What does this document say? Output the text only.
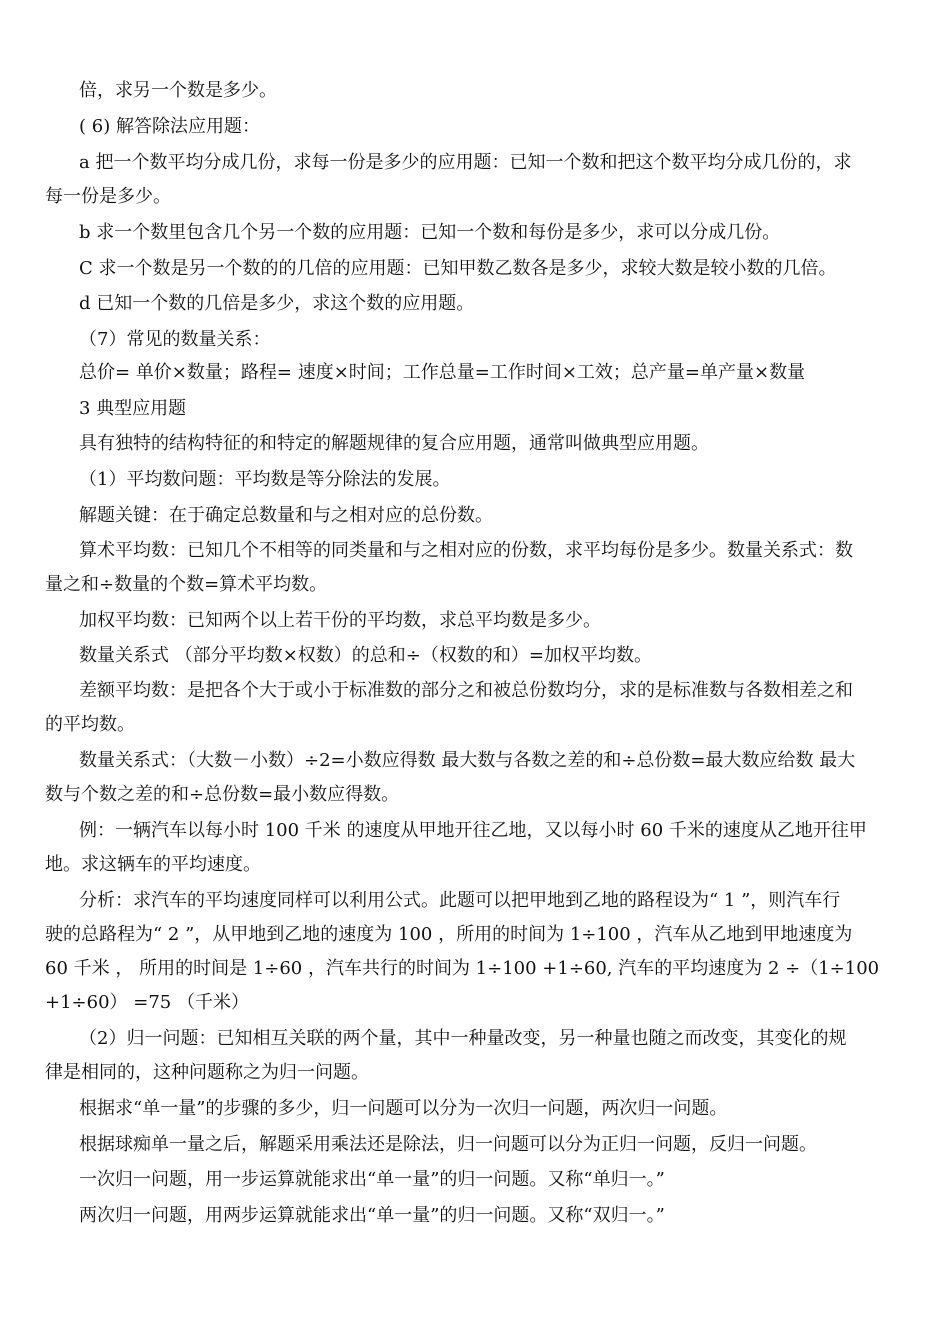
倍，求另一个数是多少。
( 6) 解答除法应用题：
a 把一个数平均分成几份，求每一份是多少的应用题：已知一个数和把这个数平均分成几份的，求
每一份是多少。
b 求一个数里包含几个另一个数的应用题：已知一个数和每份是多少，求可以分成几份。
C 求一个数是另一个数的的几倍的应用题：已知甲数乙数各是多少，求较大数是较小数的几倍。
d 已知一个数的几倍是多少，求这个数的应用题。
（7）常见的数量关系：
总价= 单价×数量；路程= 速度×时间；工作总量=工作时间×工效；总产量=单产量×数量
3 典型应用题
具有独特的结构特征的和特定的解题规律的复合应用题，通常叫做典型应用题。
（1）平均数问题：平均数是等分除法的发展。
解题关键：在于确定总数量和与之相对应的总份数。
算术平均数：已知几个不相等的同类量和与之相对应的份数，求平均每份是多少。数量关系式：数
量之和÷数量的个数=算术平均数。
加权平均数：已知两个以上若干份的平均数，求总平均数是多少。
数量关系式 （部分平均数×权数）的总和÷（权数的和）=加权平均数。
差额平均数：是把各个大于或小于标准数的部分之和被总份数均分，求的是标准数与各数相差之和
的平均数。
数量关系式：（大数－小数）÷2=小数应得数 最大数与各数之差的和÷总份数=最大数应给数 最大
数与个数之差的和÷总份数=最小数应得数。
例：一辆汽车以每小时 100 千米 的速度从甲地开往乙地，又以每小时 60 千米的速度从乙地开往甲
地。求这辆车的平均速度。
分析：求汽车的平均速度同样可以利用公式。此题可以把甲地到乙地的路程设为“ 1 ”，则汽车行
驶的总路程为“ 2 ”，从甲地到乙地的速度为 100 ，所用的时间为 1÷100 ，汽车从乙地到甲地速度为
60 千米 ， 所用的时间是 1÷60 ，汽车共行的时间为 1÷100 +1÷60, 汽车的平均速度为 2 ÷（1÷100
+1÷60） =75 （千米）
（2）归一问题：已知相互关联的两个量，其中一种量改变，另一种量也随之而改变，其变化的规
律是相同的，这种问题称之为归一问题。
根据求“单一量”的步骤的多少，归一问题可以分为一次归一问题，两次归一问题。
根据球痴单一量之后，解题采用乘法还是除法，归一问题可以分为正归一问题，反归一问题。
一次归一问题，用一步运算就能求出“单一量”的归一问题。又称“单归一。”
两次归一问题，用两步运算就能求出“单一量”的归一问题。又称“双归一。”
